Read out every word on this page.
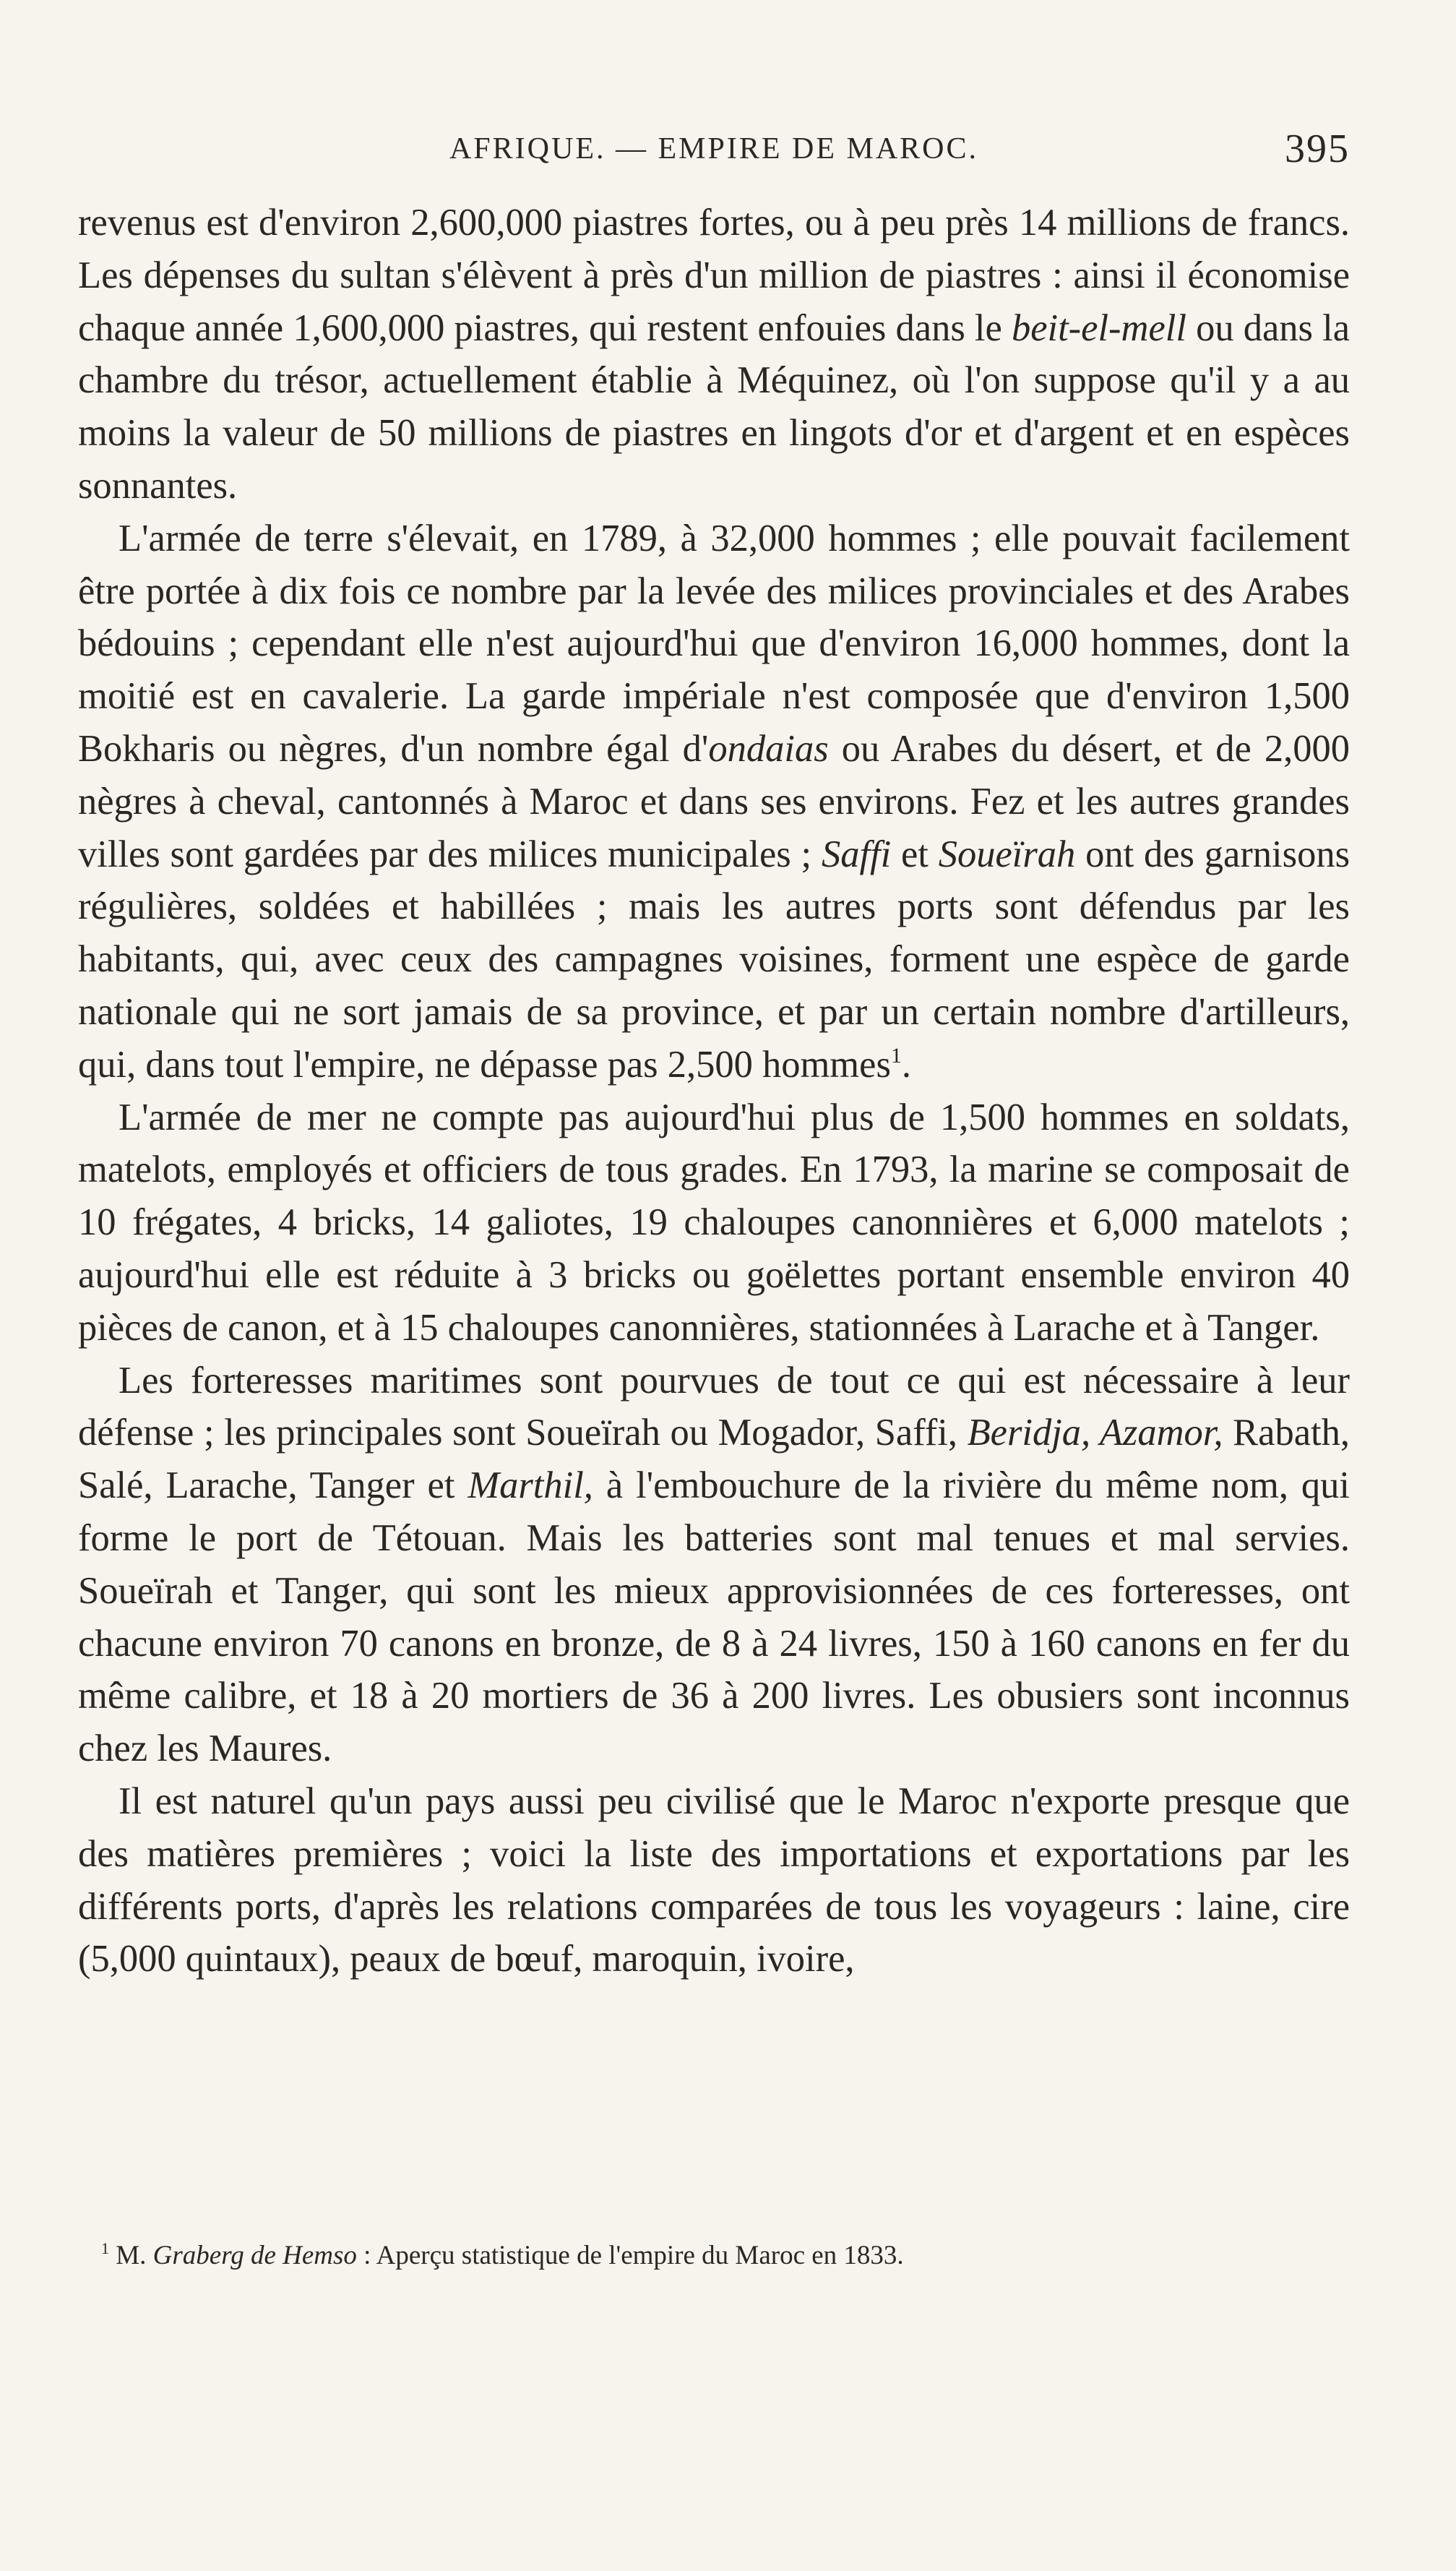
AFRIQUE. — EMPIRE DE MAROC.	395

revenus est d'environ 2,600,000 piastres fortes, ou à peu près 14 millions de francs. Les dépenses du sultan s'élèvent à près d'un million de piastres : ainsi il économise chaque année 1,600,000 piastres, qui restent enfouies dans le beit-el-mell ou dans la chambre du trésor, actuellement établie à Méquinez, où l'on suppose qu'il y a au moins la valeur de 50 millions de piastres en lingots d'or et d'argent et en espèces sonnantes.

L'armée de terre s'élevait, en 1789, à 32,000 hommes ; elle pouvait facilement être portée à dix fois ce nombre par la levée des milices provinciales et des Arabes bédouins ; cependant elle n'est aujourd'hui que d'environ 16,000 hommes, dont la moitié est en cavalerie. La garde impériale n'est composée que d'environ 1,500 Bokharis ou nègres, d'un nombre égal d'ondaias ou Arabes du désert, et de 2,000 nègres à cheval, cantonnés à Maroc et dans ses environs. Fez et les autres grandes villes sont gardées par des milices municipales ; Saffi et Soueïrah ont des garnisons régulières, soldées et habillées ; mais les autres ports sont défendus par les habitants, qui, avec ceux des campagnes voisines, forment une espèce de garde nationale qui ne sort jamais de sa province, et par un certain nombre d'artilleurs, qui, dans tout l'empire, ne dépasse pas 2,500 hommes$^1$.

L'armée de mer ne compte pas aujourd'hui plus de 1,500 hommes en soldats, matelots, employés et officiers de tous grades. En 1793, la marine se composait de 10 frégates, 4 bricks, 14 galiotes, 19 chaloupes canonnières et 6,000 matelots ; aujourd'hui elle est réduite à 3 bricks ou goëlettes portant ensemble environ 40 pièces de canon, et à 15 chaloupes canonnières, stationnées à Larache et à Tanger.

Les forteresses maritimes sont pourvues de tout ce qui est nécessaire à leur défense ; les principales sont Soueïrah ou Mogador, Saffi, Beridja, Azamor, Rabath, Salé, Larache, Tanger et Marthil, à l'embouchure de la rivière du même nom, qui forme le port de Tétouan. Mais les batteries sont mal tenues et mal servies. Soueïrah et Tanger, qui sont les mieux approvisionnées de ces forteresses, ont chacune environ 70 canons en bronze, de 8 à 24 livres, 150 à 160 canons en fer du même calibre, et 18 à 20 mortiers de 36 à 200 livres. Les obusiers sont inconnus chez les Maures.

Il est naturel qu'un pays aussi peu civilisé que le Maroc n'exporte presque que des matières premières ; voici la liste des importations et exportations par les différents ports, d'après les relations comparées de tous les voyageurs : laine, cire (5,000 quintaux), peaux de bœuf, maroquin, ivoire,

$^1$ M. Graberg de Hemso : Aperçu statistique de l'empire du Maroc en 1833.
